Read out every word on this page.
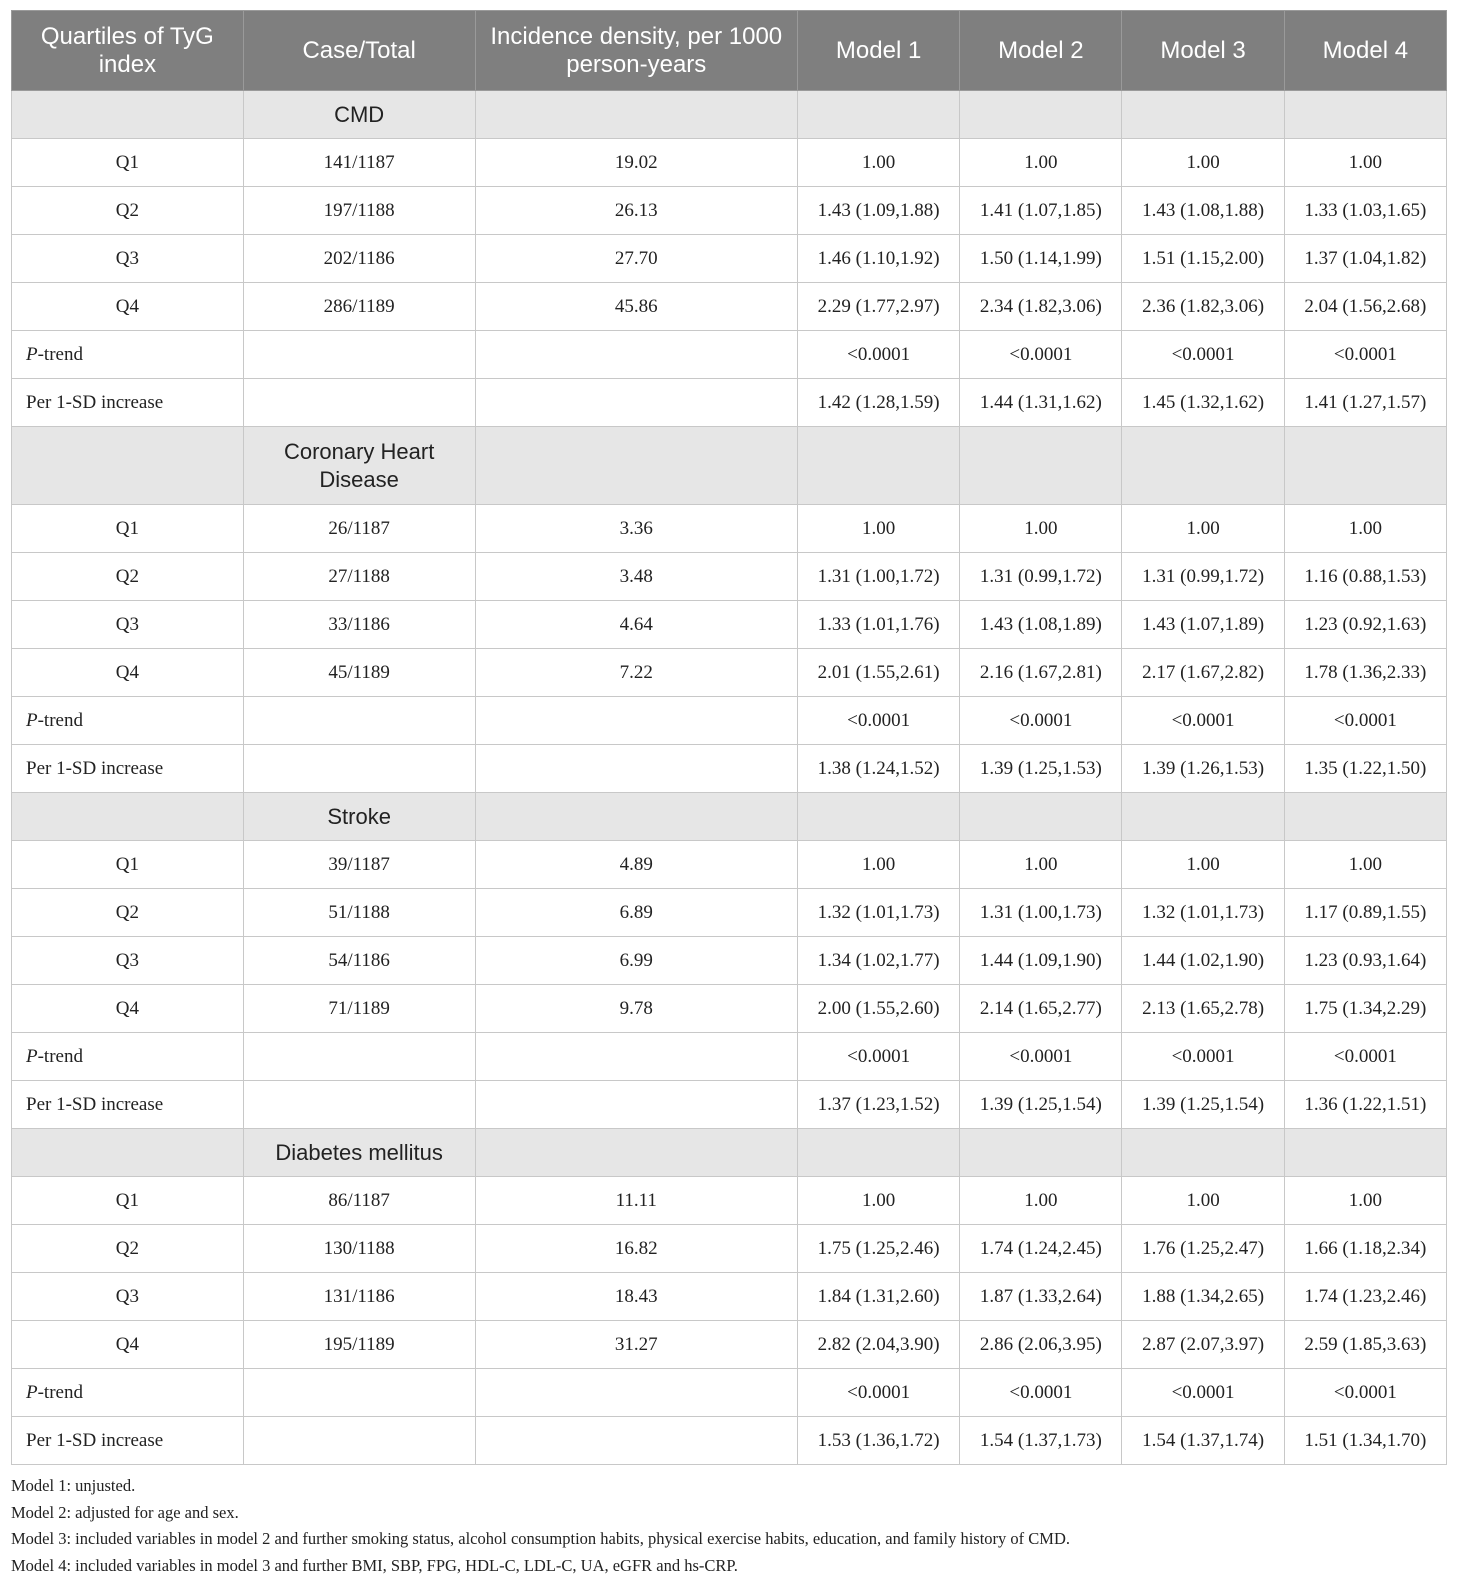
Quartiles of TyG index	Case/Total	Incidence density, per 1000 person-years	Model 1	Model 2	Model 3	Model 4
	CMD					
Q1	141/1187	19.02	1.00	1.00	1.00	1.00
Q2	197/1188	26.13	1.43 (1.09,1.88)	1.41 (1.07,1.85)	1.43 (1.08,1.88)	1.33 (1.03,1.65)
Q3	202/1186	27.70	1.46 (1.10,1.92)	1.50 (1.14,1.99)	1.51 (1.15,2.00)	1.37 (1.04,1.82)
Q4	286/1189	45.86	2.29 (1.77,2.97)	2.34 (1.82,3.06)	2.36 (1.82,3.06)	2.04 (1.56,2.68)
P-trend			<0.0001	<0.0001	<0.0001	<0.0001
Per 1-SD increase			1.42 (1.28,1.59)	1.44 (1.31,1.62)	1.45 (1.32,1.62)	1.41 (1.27,1.57)
	Coronary Heart Disease					
Q1	26/1187	3.36	1.00	1.00	1.00	1.00
Q2	27/1188	3.48	1.31 (1.00,1.72)	1.31 (0.99,1.72)	1.31 (0.99,1.72)	1.16 (0.88,1.53)
Q3	33/1186	4.64	1.33 (1.01,1.76)	1.43 (1.08,1.89)	1.43 (1.07,1.89)	1.23 (0.92,1.63)
Q4	45/1189	7.22	2.01 (1.55,2.61)	2.16 (1.67,2.81)	2.17 (1.67,2.82)	1.78 (1.36,2.33)
P-trend			<0.0001	<0.0001	<0.0001	<0.0001
Per 1-SD increase			1.38 (1.24,1.52)	1.39 (1.25,1.53)	1.39 (1.26,1.53)	1.35 (1.22,1.50)
	Stroke					
Q1	39/1187	4.89	1.00	1.00	1.00	1.00
Q2	51/1188	6.89	1.32 (1.01,1.73)	1.31 (1.00,1.73)	1.32 (1.01,1.73)	1.17 (0.89,1.55)
Q3	54/1186	6.99	1.34 (1.02,1.77)	1.44 (1.09,1.90)	1.44 (1.02,1.90)	1.23 (0.93,1.64)
Q4	71/1189	9.78	2.00 (1.55,2.60)	2.14 (1.65,2.77)	2.13 (1.65,2.78)	1.75 (1.34,2.29)
P-trend			<0.0001	<0.0001	<0.0001	<0.0001
Per 1-SD increase			1.37 (1.23,1.52)	1.39 (1.25,1.54)	1.39 (1.25,1.54)	1.36 (1.22,1.51)
	Diabetes mellitus					
Q1	86/1187	11.11	1.00	1.00	1.00	1.00
Q2	130/1188	16.82	1.75 (1.25,2.46)	1.74 (1.24,2.45)	1.76 (1.25,2.47)	1.66 (1.18,2.34)
Q3	131/1186	18.43	1.84 (1.31,2.60)	1.87 (1.33,2.64)	1.88 (1.34,2.65)	1.74 (1.23,2.46)
Q4	195/1189	31.27	2.82 (2.04,3.90)	2.86 (2.06,3.95)	2.87 (2.07,3.97)	2.59 (1.85,3.63)
P-trend			<0.0001	<0.0001	<0.0001	<0.0001
Per 1-SD increase			1.53 (1.36,1.72)	1.54 (1.37,1.73)	1.54 (1.37,1.74)	1.51 (1.34,1.70)
Model 1: unjusted.
Model 2: adjusted for age and sex.
Model 3: included variables in model 2 and further smoking status, alcohol consumption habits, physical exercise habits, education, and family history of CMD.
Model 4: included variables in model 3 and further BMI, SBP, FPG, HDL-C, LDL-C, UA, eGFR and hs-CRP.
